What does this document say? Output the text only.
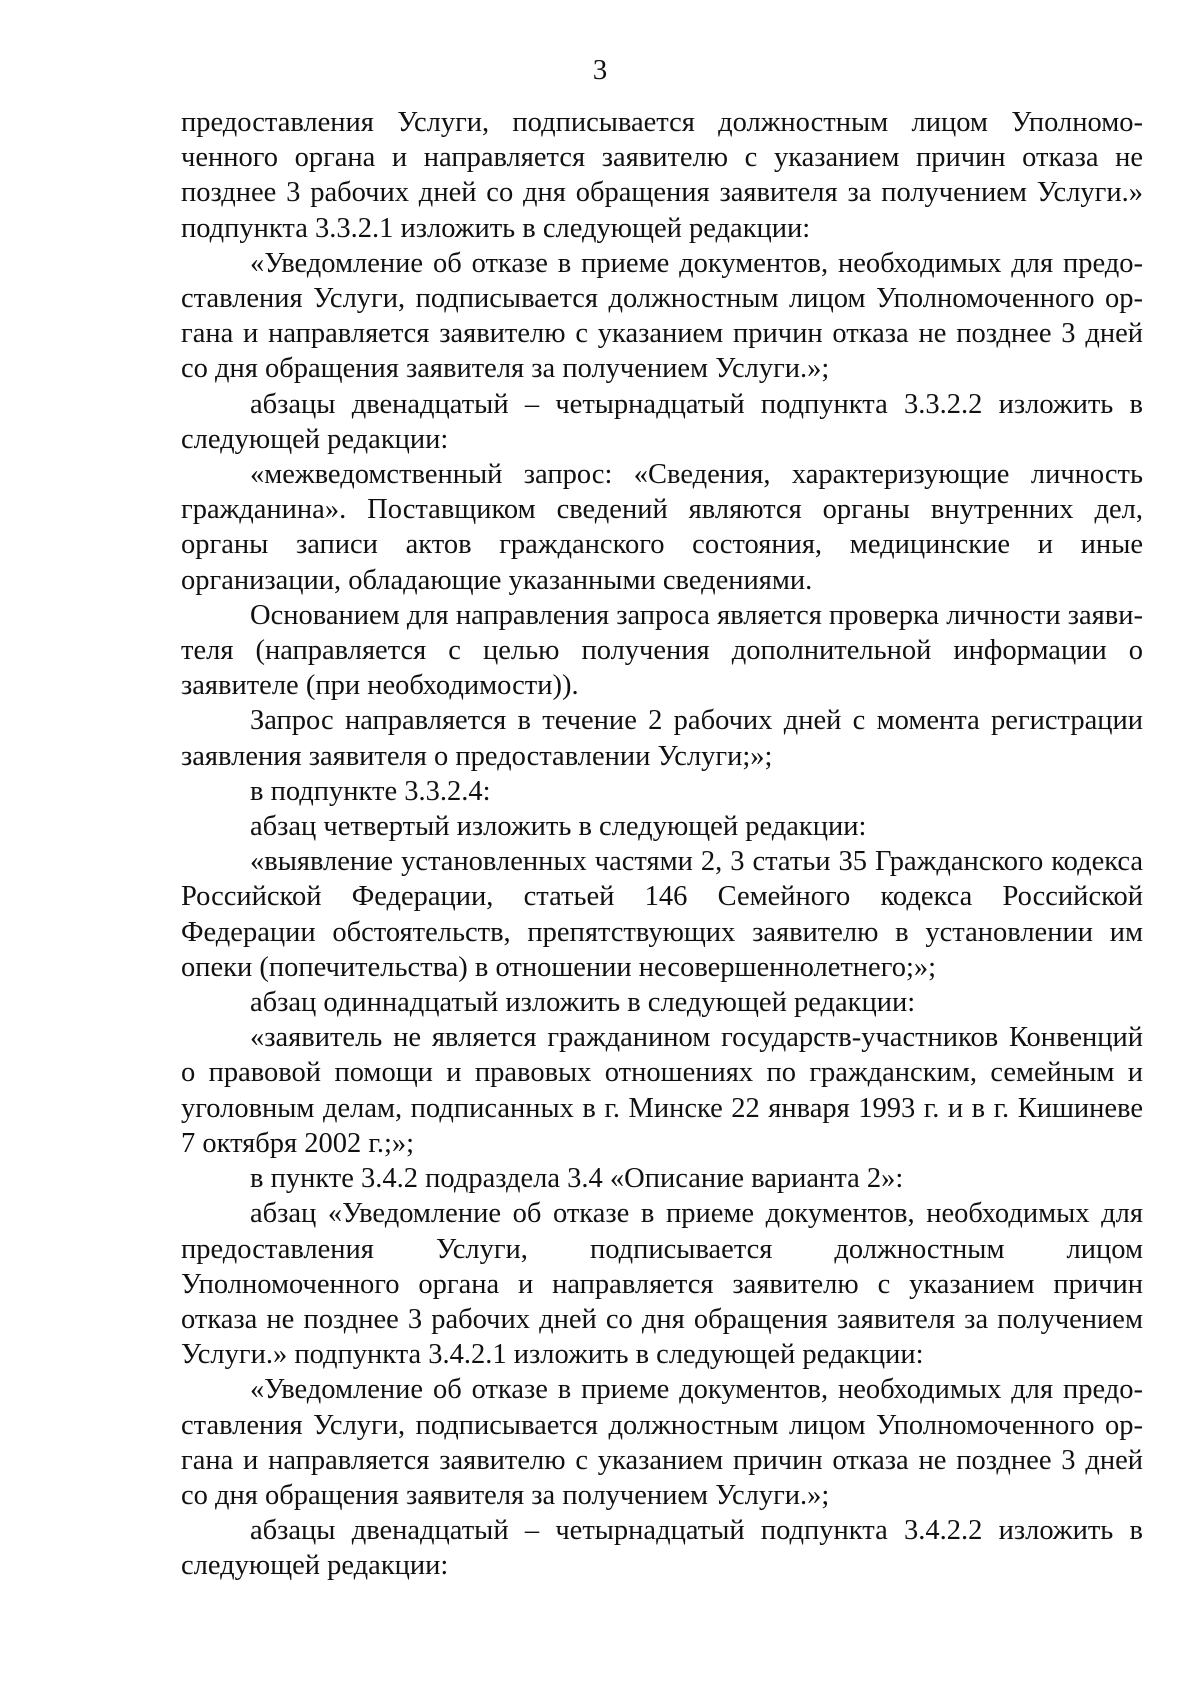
3

предоставления Услуги, подписывается должностным лицом Уполномоченного органа и направляется заявителю с указанием причин отказа не позднее 3 рабочих дней со дня обращения заявителя за получением Услуги.» подпункта 3.3.2.1 изложить в следующей редакции:

«Уведомление об отказе в приеме документов, необходимых для предоставления Услуги, подписывается должностным лицом Уполномоченного органа и направляется заявителю с указанием причин отказа не позднее 3 дней со дня обращения заявителя за получением Услуги.»;

абзацы двенадцатый – четырнадцатый подпункта 3.3.2.2 изложить в следующей редакции:

«межведомственный запрос: «Сведения, характеризующие личность гражданина». Поставщиком сведений являются органы внутренних дел, органы записи актов гражданского состояния, медицинские и иные организации, обладающие указанными сведениями.

Основанием для направления запроса является проверка личности заявителя (направляется с целью получения дополнительной информации о заявителе (при необходимости)).

Запрос направляется в течение 2 рабочих дней с момента регистрации заявления заявителя о предоставлении Услуги;»;

в подпункте 3.3.2.4:

абзац четвертый изложить в следующей редакции:

«выявление установленных частями 2, 3 статьи 35 Гражданского кодекса Российской Федерации, статьей 146 Семейного кодекса Российской Федерации обстоятельств, препятствующих заявителю в установлении им опеки (попечительства) в отношении несовершеннолетнего;»;

абзац одиннадцатый изложить в следующей редакции:

«заявитель не является гражданином государств-участников Конвенций о правовой помощи и правовых отношениях по гражданским, семейным и уголовным делам, подписанных в г. Минске 22 января 1993 г. и в г. Кишиневе 7 октября 2002 г.;»;

в пункте 3.4.2 подраздела 3.4 «Описание варианта 2»:

абзац «Уведомление об отказе в приеме документов, необходимых для предоставления Услуги, подписывается должностным лицом Уполномоченного органа и направляется заявителю с указанием причин отказа не позднее 3 рабочих дней со дня обращения заявителя за получением Услуги.» подпункта 3.4.2.1 изложить в следующей редакции:

«Уведомление об отказе в приеме документов, необходимых для предоставления Услуги, подписывается должностным лицом Уполномоченного органа и направляется заявителю с указанием причин отказа не позднее 3 дней со дня обращения заявителя за получением Услуги.»;

абзацы двенадцатый – четырнадцатый подпункта 3.4.2.2 изложить в следующей редакции:
